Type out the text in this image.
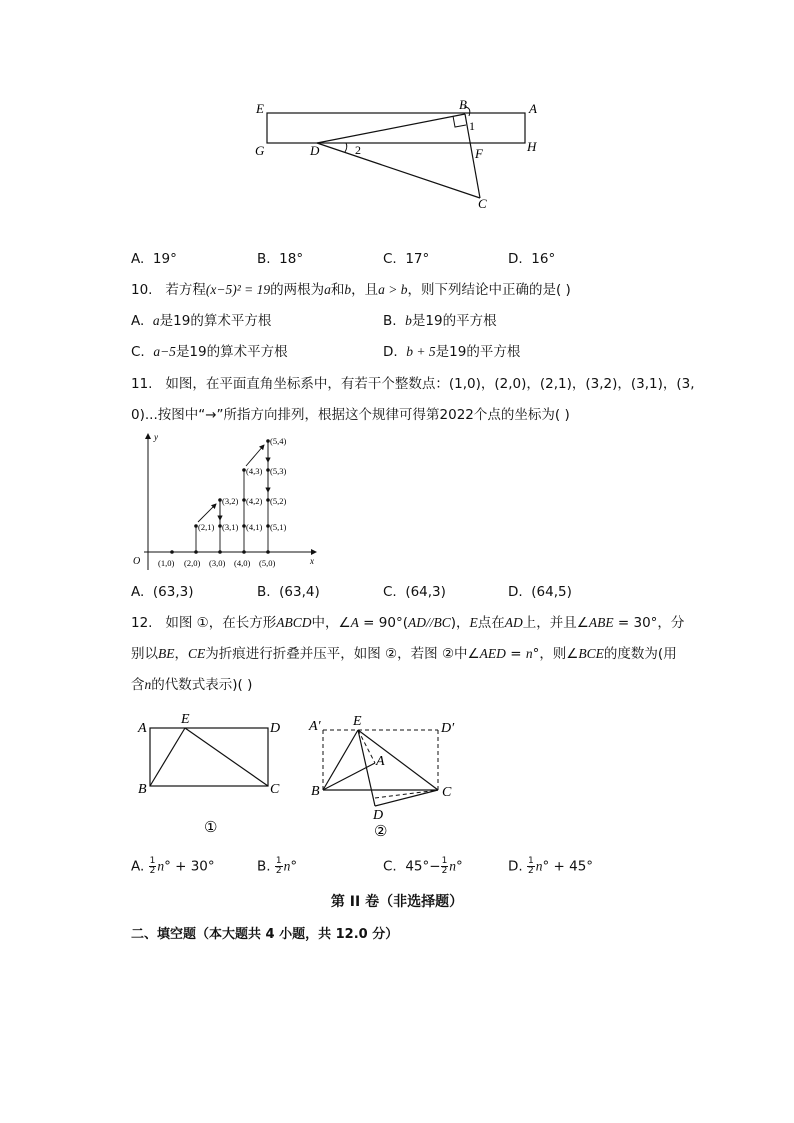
E	B	A
G	D	F	H
C
1
2
A. 19°	B. 18°	C. 17°	D. 16°
10. 若方程(x−5)² = 19的两根为a和b，且a > b，则下列结论中正确的是( )
A. a是19的算术平方根	B. b是19的平方根
C. a−5是19的算术平方根	D. b + 5是19的平方根
11. 如图，在平面直角坐标系中，有若干个整数点：(1,0)，(2,0)，(2,1)，(3,2)，(3,1)，(3,
0)...按图中“→”所指方向排列，根据这个规律可得第2022个点的坐标为( )
y
x
O (1,0) (2,0) (3,0) (4,0) (5,0)
(2,1)
(3,2)
(3,1)
(4,3)
(4,2)
(4,1)
(5,4)
(5,3)
(5,2)
(5,1)
A. (63,3)	B. (63,4)	C. (64,3)	D. (64,5)
12. 如图 ①，在长方形ABCD中，∠A = 90°(AD//BC)，E点在AD上，并且∠ABE = 30°，分
别以BE，CE为折痕进行折叠并压平，如图 ②，若图 ②中∠AED = n°，则∠BCE的度数为(用
含n的代数式表示)( )
A
E
D
B	C
①
A′ E	D′
A
B	C
D
②
A. $\frac{1}{2} n^\circ + 30^\circ$	B. $\frac{1}{2} n^\circ$	C. $45^\circ- \frac{1}{2} n^\circ$	D. $\frac{1}{2} n^\circ + 45^\circ$
第 II 卷（非选择题）
二、填空题（本大题共 4 小题，共 12.0 分）
